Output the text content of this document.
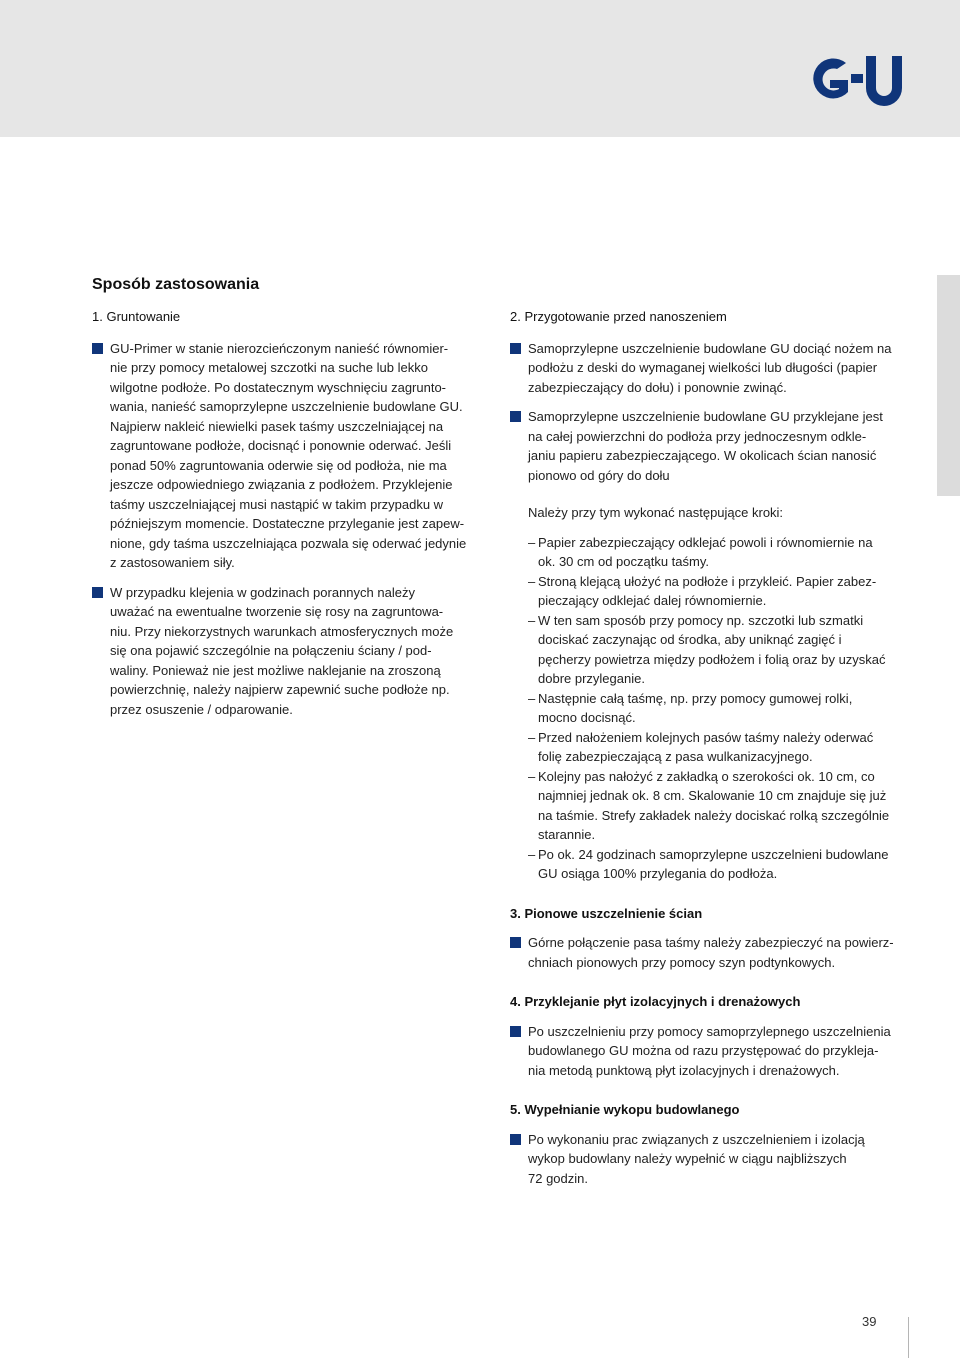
Sposób zastosowania
1. Gruntowanie
GU-Primer w stanie nierozcieńczonym nanieść równomier-
nie przy pomocy metalowej szczotki na suche lub lekko
wilgotne podłoże. Po dostatecznym wyschnięciu zagrunto-
wania, nanieść samoprzylepne uszczelnienie budowlane GU.
Najpierw nakleić niewielki pasek taśmy uszczelniającej na
zagruntowane podłoże, docisnąć i ponownie oderwać. Jeśli
ponad 50% zagruntowania oderwie się od podłoża, nie ma
jeszcze odpowiedniego związania z podłożem. Przyklejenie
taśmy uszczelniającej musi nastąpić w takim przypadku w
późniejszym momencie. Dostateczne przyleganie jest zapew-
nione, gdy taśma uszczelniająca pozwala się oderwać jedynie
z zastosowaniem siły.
W przypadku klejenia w godzinach porannych należy
uważać na ewentualne tworzenie się rosy na zagruntowa-
niu. Przy niekorzystnych warunkach atmosferycznych może
się ona pojawić szczególnie na połączeniu ściany / pod-
waliny. Ponieważ nie jest możliwe naklejanie na zroszoną
powierzchnię, należy najpierw zapewnić suche podłoże np.
przez osuszenie / odparowanie.
2. Przygotowanie przed nanoszeniem
Samoprzylepne uszczelnienie budowlane GU dociąć nożem na
podłożu z deski do wymaganej wielkości lub długości (papier
zabezpieczający do dołu) i ponownie zwinąć.
Samoprzylepne uszczelnienie budowlane GU przyklejane jest
na całej powierzchni do podłoża przy jednoczesnym odkle-
janiu papieru zabezpieczającego. W okolicach ścian nanosić
pionowo od góry do dołu
Należy przy tym wykonać następujące kroki:
– Papier zabezpieczający odklejać powoli i równomiernie na
ok. 30 cm od początku taśmy.
– Stroną klejącą ułożyć na podłoże i przykleić. Papier zabez-
pieczający odklejać dalej równomiernie.
– W ten sam sposób przy pomocy np. szczotki lub szmatki
dociskać zaczynając od środka, aby uniknąć zagięć i
pęcherzy powietrza między podłożem i folią oraz by uzyskać
dobre przyleganie.
– Następnie całą taśmę, np. przy pomocy gumowej rolki,
mocno docisnąć.
– Przed nałożeniem kolejnych pasów taśmy należy oderwać
folię zabezpieczającą z pasa wulkanizacyjnego.
– Kolejny pas nałożyć z zakładką o szerokości ok. 10 cm, co
najmniej jednak ok. 8 cm. Skalowanie 10 cm znajduje się już
na taśmie. Strefy zakładek należy dociskać rolką szczególnie
starannie.
– Po ok. 24 godzinach samoprzylepne uszczelnieni budowlane
GU osiąga 100% przylegania do podłoża.
3. Pionowe uszczelnienie ścian
Górne połączenie pasa taśmy należy zabezpieczyć na powierz-
chniach pionowych przy pomocy szyn podtynkowych.
4. Przyklejanie płyt izolacyjnych i drenażowych
Po uszczelnieniu przy pomocy samoprzylepnego uszczelnienia
budowlanego GU można od razu przystępować do przykleja-
nia metodą punktową płyt izolacyjnych i drenażowych.
5. Wypełnianie wykopu budowlanego
Po wykonaniu prac związanych z uszczelnieniem i izolacją
wykop budowlany należy wypełnić w ciągu najbliższych
72 godzin.
39
